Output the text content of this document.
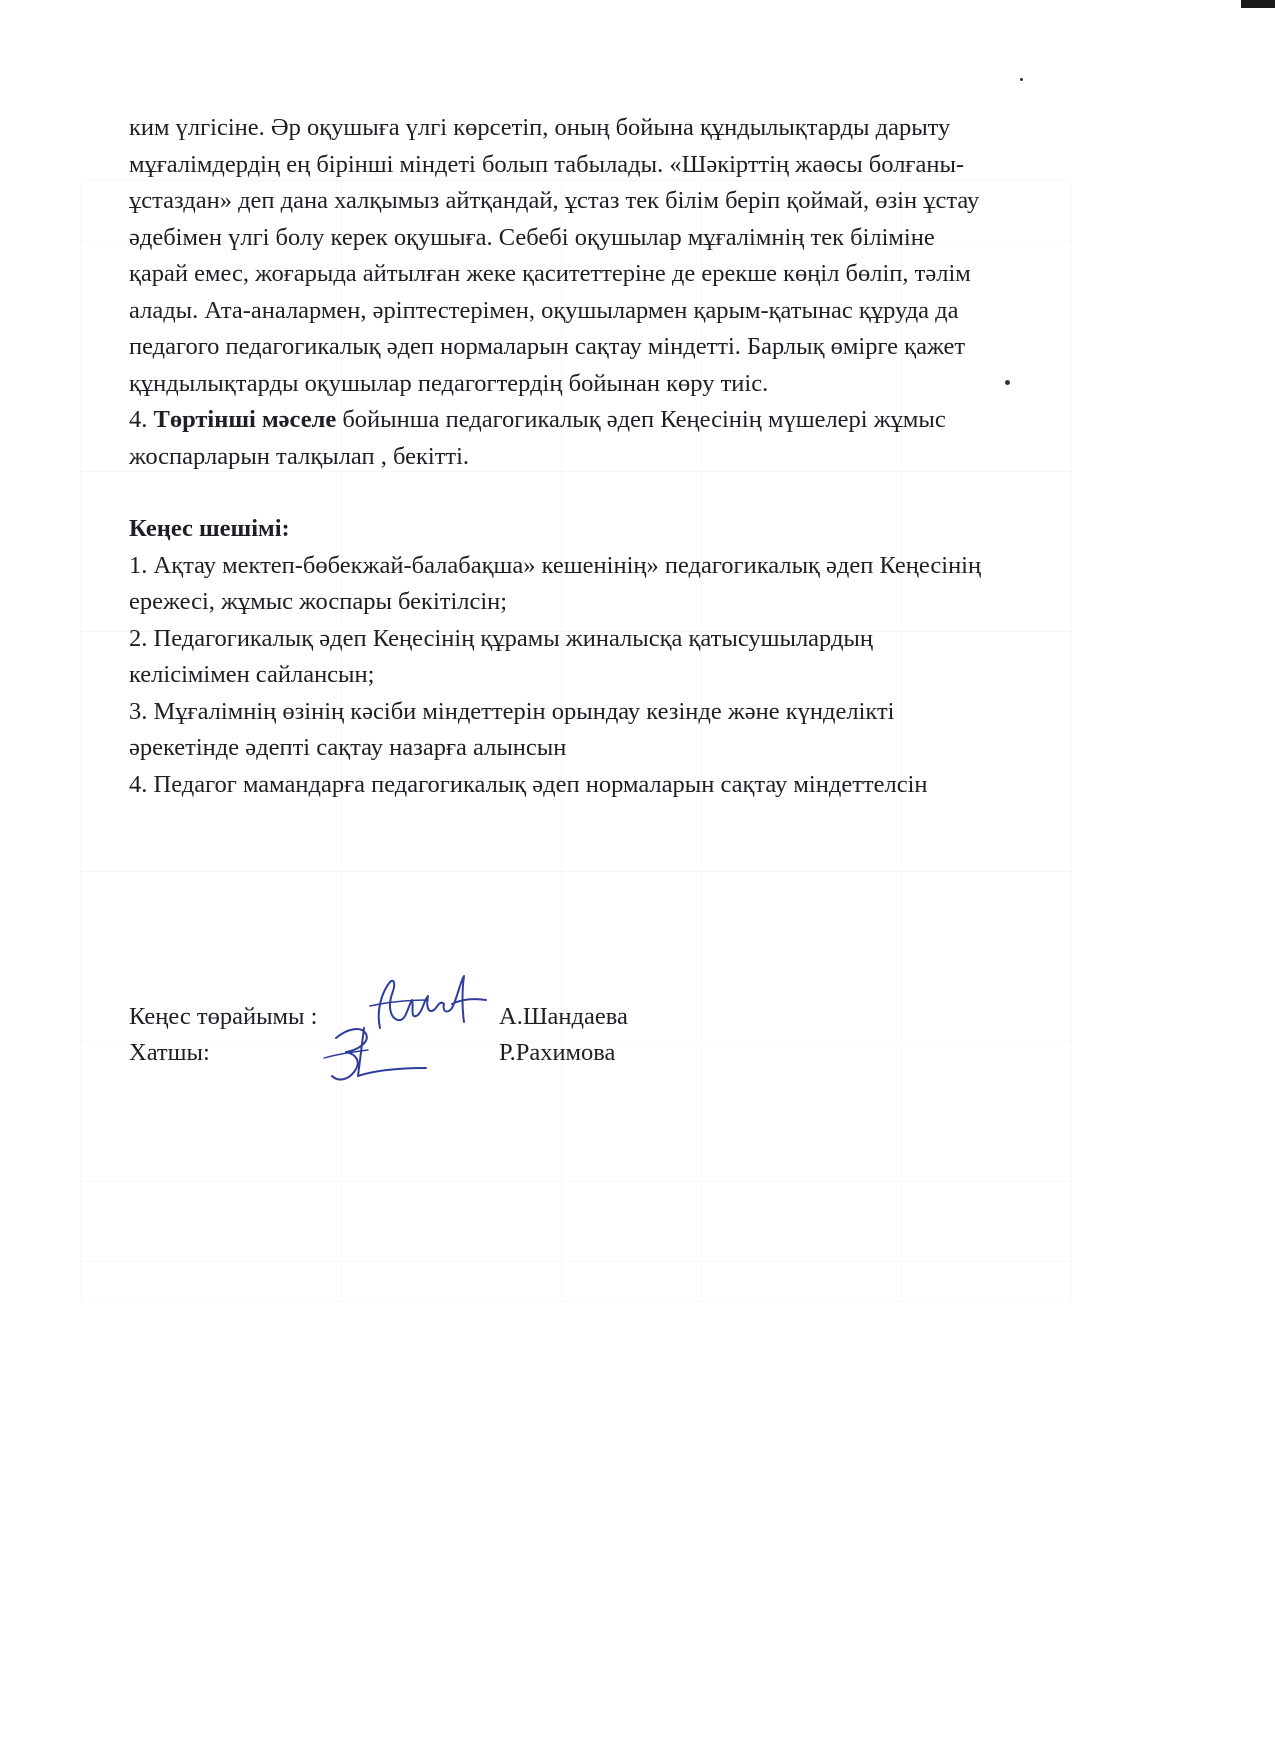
ким үлгісіне. Әр оқушыға үлгі көрсетіп, оның бойына құндылықтарды дарыту
мұғалімдердің ең бірінші міндеті болып табылады. «Шәкірттің жаөсы болғаны-
ұстаздан» деп дана халқымыз айтқандай, ұстаз тек білім беріп қоймай, өзін ұстау
әдебімен үлгі болу керек оқушыға. Себебі оқушылар мұғалімнің тек біліміне
қарай емес, жоғарыда айтылған жеке қаситеттеріне де ерекше көңіл бөліп, тәлім
алады. Ата-аналармен, әріптестерімен, оқушылармен қарым-қатынас құруда да
педагого педагогикалық әдеп нормаларын сақтау міндетті. Барлық өмірге қажет
құндылықтарды оқушылар педагогтердің бойынан көру тиіс.
4. Төртінші мәселе бойынша педагогикалық әдеп Кеңесінің мүшелері жұмыс
жоспарларын талқылап , бекітті.
Кеңес шешімі:
1. Ақтау мектеп-бөбекжай-балабақша» кешенінің» педагогикалық әдеп Кеңесінің
ережесі, жұмыс жоспары бекітілсін;
2. Педагогикалық әдеп Кеңесінің құрамы жиналысқа қатысушылардың
келісімімен сайлансын;
3. Мұғалімнің өзінің кәсіби міндеттерін орындау кезінде және күнделікті
әрекетінде әдепті сақтау назарға алынсын
4. Педагог мамандарға педагогикалық әдеп нормаларын сақтау міндеттелсін
Кеңес төрайымы :	А.Шандаева
Хатшы:	Р.Рахимова
